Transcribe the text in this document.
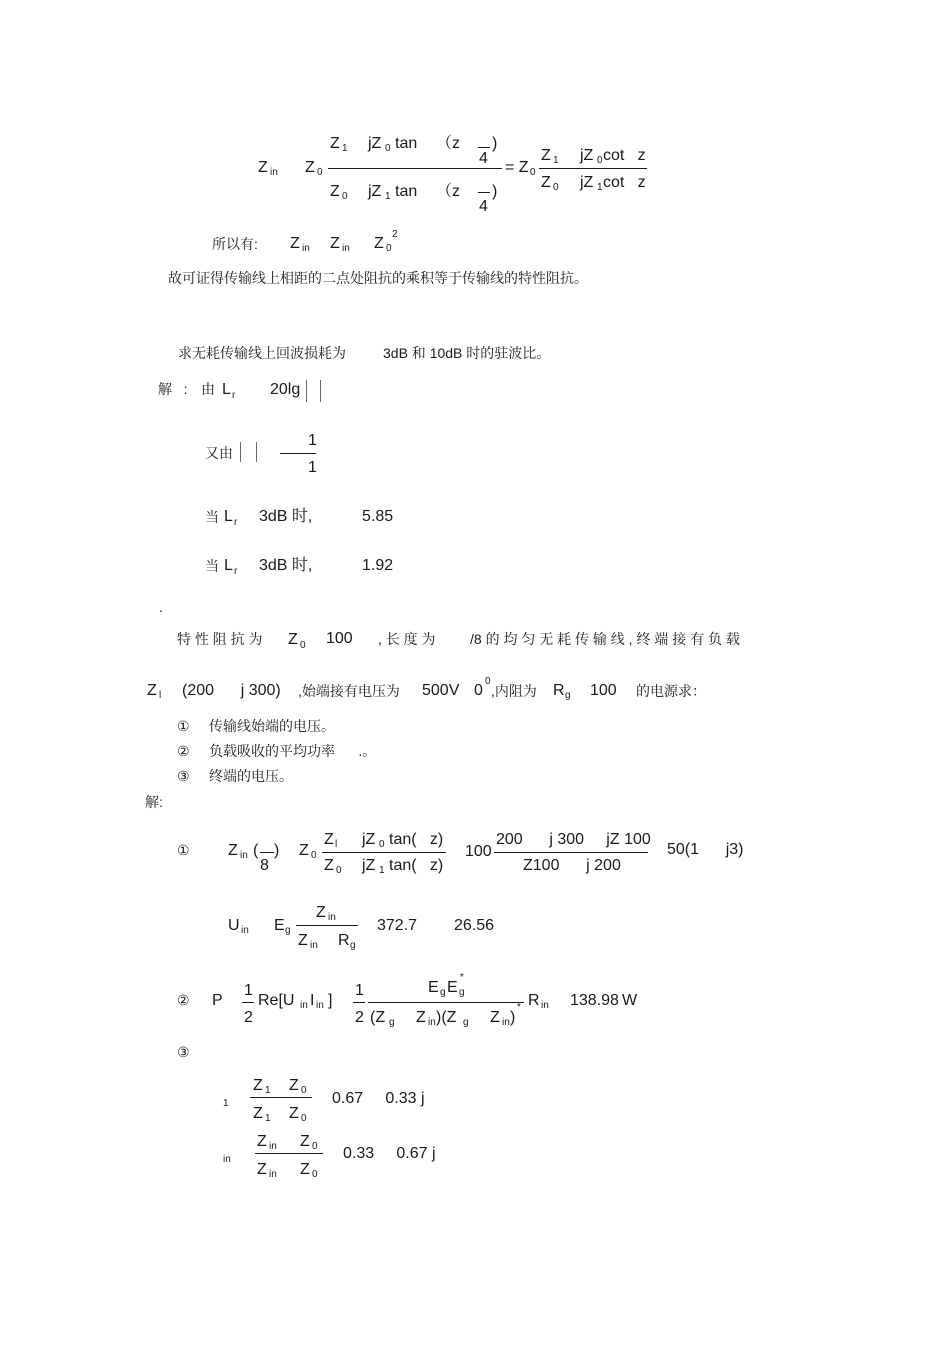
Z in Z 0
Z 1 jZ 0 tan （z
4
)
Z 0 jZ 1 tan （z
4
)
= Z 0
Z 1 jZ 0 cot   z
Z 0 jZ 1 cot   z
所以有: Z in Z in Z 0
2
故可证得传输线上相距的二点处阻抗的乘积等于传输线的特性阻抗。
求无耗传输线上回波损耗为	3dB 和 10dB 时的驻波比。
解   : 由 L r 20lg
又由
1
1
当 L r 3dB 时,	5.85
当 L r 3dB 时,	1.92
.
特 性 阻 抗 为 Z 0 100 , 长 度 为 /8 的 均 匀 无 耗 传 输 线 , 终 端 接 有 负 载
Z l (200      j 300) ,始端接有电压为 500V 0
0
,内阻为 R g 100 的电源求：
① 传输线始端的电压。
② 负载吸收的平均功率      .。
③ 终端的电压。
解:
① Z in (
8
) Z 0
Z l jZ 0 tan(   z)
Z 0 jZ 1 tan(   z)
100
200      j 300     jZ 100
Z100      j 200
50(1      j3)
U in E g
Z in
Z in R g
372.7 26.56
② P
1
2
Re[U in I in ]
1
2
E g E g
*
(Z g Z in )(Z g Z in )
* R in 138.98 W
③
1
Z 1 Z 0
Z 1 Z 0
0.67     0.33 j
in
Z in Z 0
Z in Z 0
0.33     0.67 j
